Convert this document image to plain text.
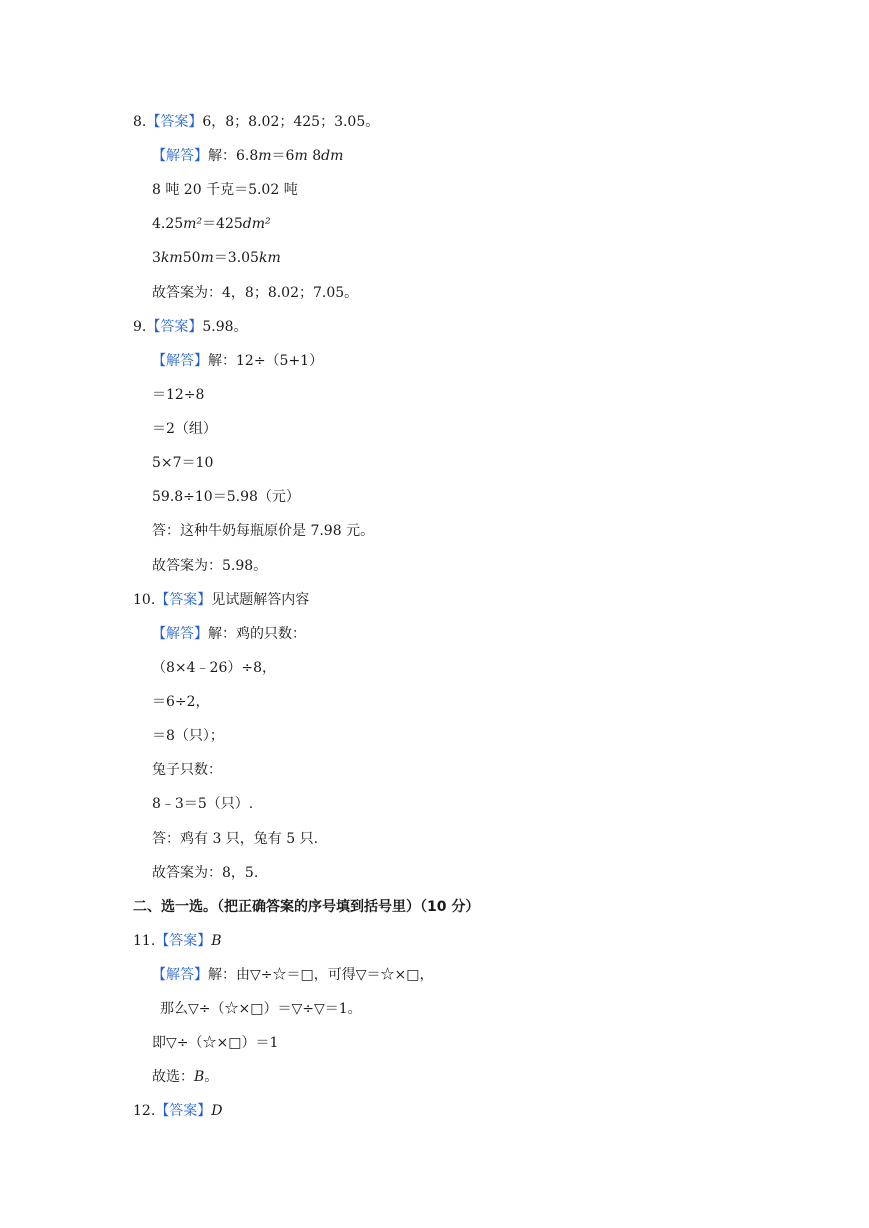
8.【答案】6，8；8.02；425；3.05。
【解答】解：6.8m＝6m 8dm
8 吨 20 千克＝5.02 吨
4.25m²＝425dm²
3km50m＝3.05km
故答案为：4，8；8.02；7.05。
9.【答案】5.98。
【解答】解：12÷（5+1）
＝12÷8
＝2（组）
5×7＝10
59.8÷10＝5.98（元）
答：这种牛奶每瓶原价是 7.98 元。
故答案为：5.98。
10.【答案】见试题解答内容
【解答】解：鸡的只数：
（8×4﹣26）÷8，
＝6÷2，
＝8（只）；
兔子只数：
8﹣3＝5（只）.
答：鸡有 3 只，兔有 5 只.
故答案为：8，5.
二、选一选。（把正确答案的序号填到括号里）（10 分）
11.【答案】B
【解答】解：由▽÷☆＝□，可得▽＝☆×□，
那么▽÷（☆×□）＝▽÷▽＝1。
即▽÷（☆×□）＝1
故选：B。
12.【答案】D
